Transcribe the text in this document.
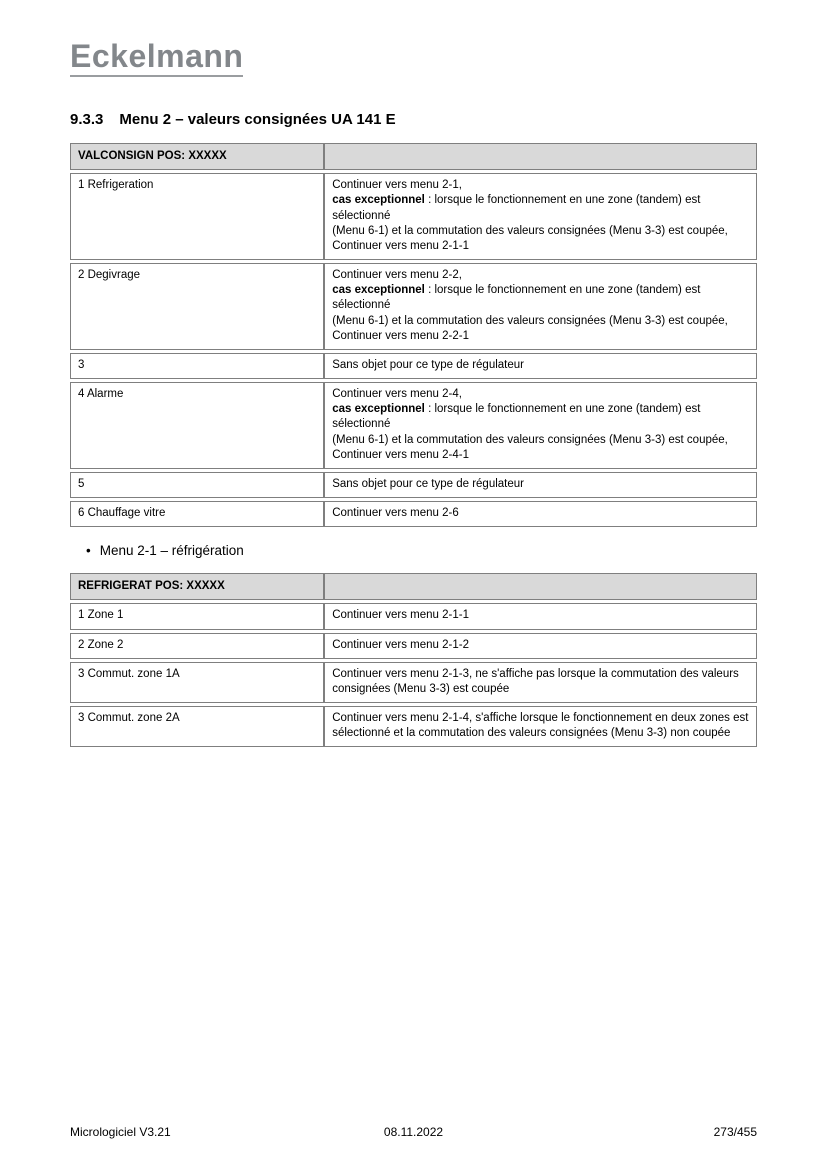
Eckelmann
9.3.3 Menu 2 – valeurs consignées UA 141 E
VALCONSIGN POS: XXXXX	
1 Refrigeration	Continuer vers menu 2-1,
cas exceptionnel : lorsque le fonctionnement en une zone (tandem) est sélectionné
(Menu 6-1) et la commutation des valeurs consignées (Menu 3-3) est coupée,
Continuer vers menu 2-1-1

2 Degivrage	Continuer vers menu 2-2,
cas exceptionnel : lorsque le fonctionnement en une zone (tandem) est sélectionné
(Menu 6-1) et la commutation des valeurs consignées (Menu 3-3) est coupée,
Continuer vers menu 2-2-1

3	Sans objet pour ce type de régulateur

4 Alarme	Continuer vers menu 2-4,
cas exceptionnel : lorsque le fonctionnement en une zone (tandem) est sélectionné
(Menu 6-1) et la commutation des valeurs consignées (Menu 3-3) est coupée,
Continuer vers menu 2-4-1

5	Sans objet pour ce type de régulateur

6 Chauffage vitre	Continuer vers menu 2-6
• Menu 2-1 – réfrigération
REFRIGERAT POS: XXXXX	
1 Zone 1	Continuer vers menu 2-1-1

2 Zone 2	Continuer vers menu 2-1-2

3 Commut. zone 1A	Continuer vers menu 2-1-3, ne s'affiche pas lorsque la commutation des valeurs consignées (Menu 3-3) est coupée

3 Commut. zone 2A	Continuer vers menu 2-1-4, s'affiche lorsque le fonctionnement en deux zones est sélectionné et la commutation des valeurs consignées (Menu 3-3) non coupée
Micrologiciel V3.21	08.11.2022	273/455
